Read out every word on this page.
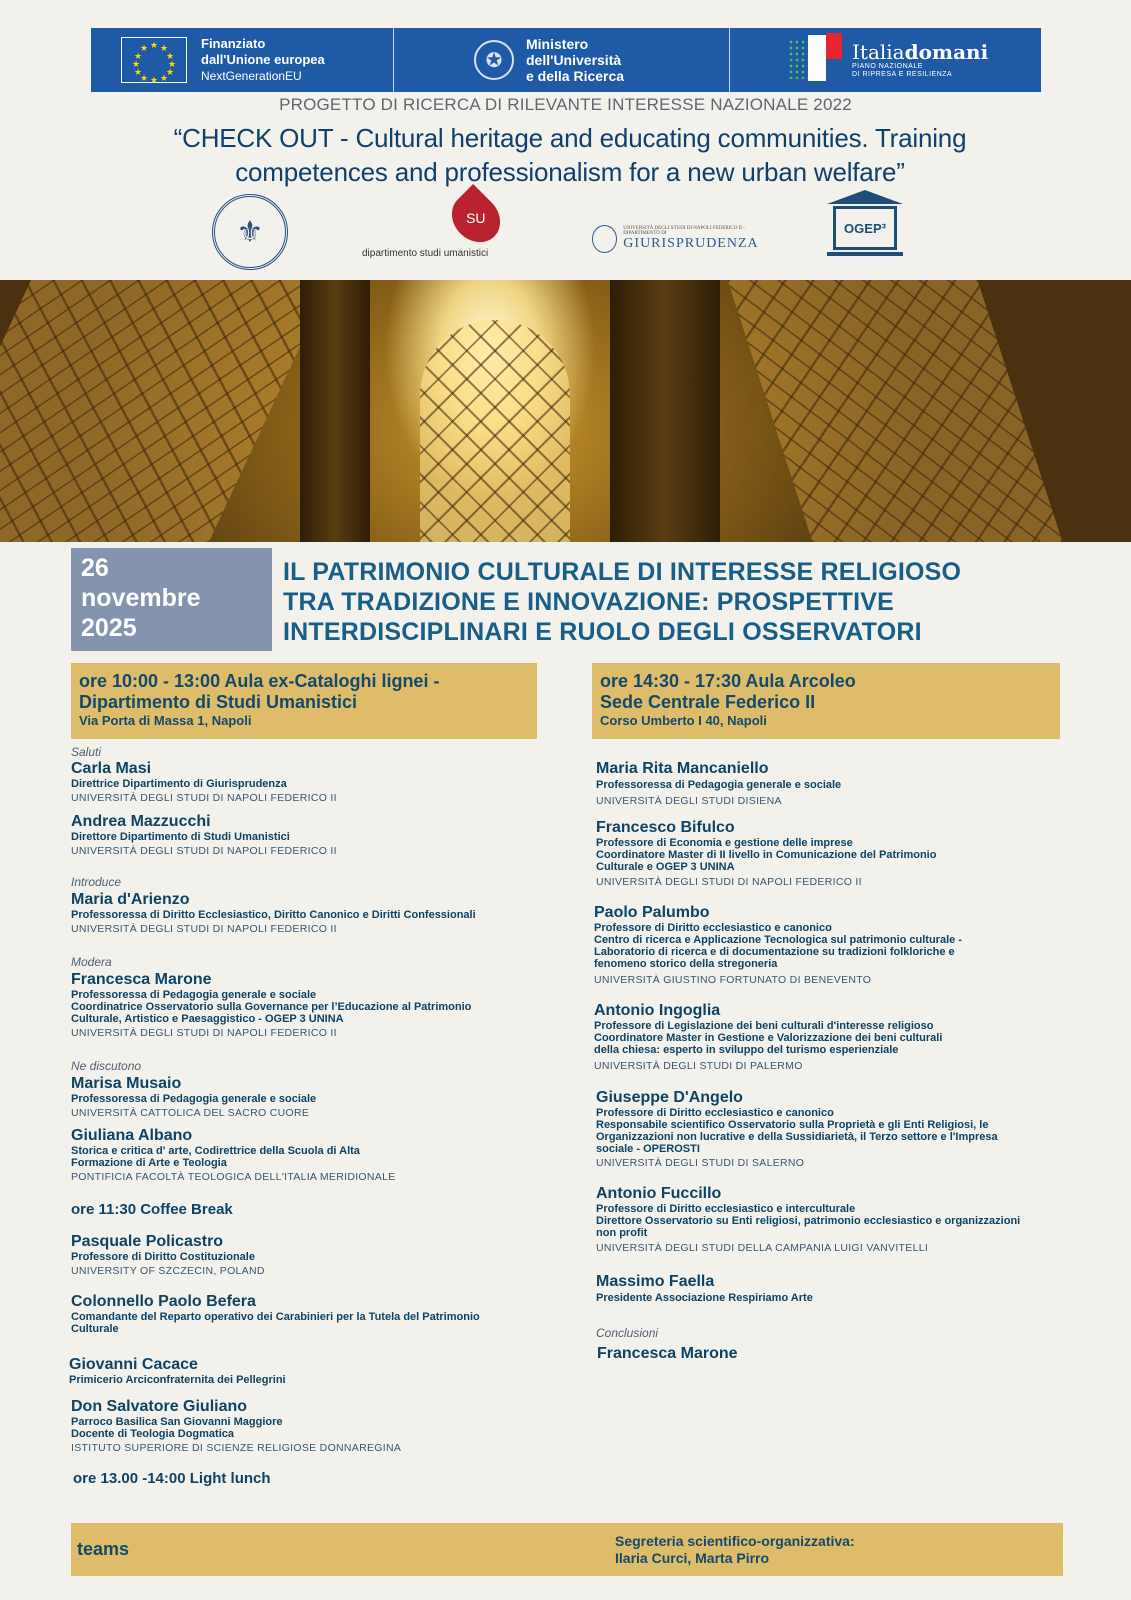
★ ★
★
★
★
★
★
★
★
★
★
★	Finanziato
dall'Unione europea
NextGenerationEU
✪
Ministero
dell'Università
e della Ricerca
Italiadomani
PIANO NAZIONALE
DI RIPRESA E RESILIENZA
PROGETTO DI RICERCA DI RILEVANTE INTERESSE NAZIONALE 2022
“CHECK OUT - Cultural heritage and educating communities. Training
competences and professionalism for a new urban welfare”
⚜	SU
dipartimento studi umanistici
UNIVERSITÀ DEGLI STUDI DI NAPOLI FEDERICO II - DIPARTIMENTO DI
GIURISPRUDENZA
OGEP³
26
novembre
2025
IL PATRIMONIO CULTURALE DI INTERESSE RELIGIOSO
TRA TRADIZIONE E INNOVAZIONE: PROSPETTIVE
INTERDISCIPLINARI E RUOLO DEGLI OSSERVATORI
ore 10:00 - 13:00 Aula ex-Cataloghi lignei -
Dipartimento di Studi Umanistici
Via Porta di Massa 1, Napoli
ore 14:30 - 17:30 Aula Arcoleo
Sede Centrale Federico II
Corso Umberto I 40, Napoli
Saluti
Carla Masi
Direttrice Dipartimento di Giurisprudenza
UNIVERSITÀ DEGLI STUDI DI NAPOLI FEDERICO II
Andrea Mazzucchi
Direttore Dipartimento di Studi Umanistici
UNIVERSITÀ DEGLI STUDI DI NAPOLI FEDERICO II
Introduce
Maria d'Arienzo
Professoressa di Diritto Ecclesiastico, Diritto Canonico e Diritti Confessionali
UNIVERSITÀ DEGLI STUDI DI NAPOLI FEDERICO II
Modera
Francesca Marone
Professoressa di Pedagogia generale e sociale
Coordinatrice Osservatorio sulla Governance per l’Educazione al Patrimonio
Culturale, Artistico e Paesaggistico - OGEP 3 UNINA
UNIVERSITÀ DEGLI STUDI DI NAPOLI FEDERICO II
Ne discutono
Marisa Musaio
Professoressa di Pedagogia generale e sociale
UNIVERSITÀ CATTOLICA DEL SACRO CUORE
Giuliana Albano
Storica e critica d' arte, Codirettrice della Scuola di Alta
Formazione di Arte e Teologia
PONTIFICIA FACOLTÀ TEOLOGICA DELL'ITALIA MERIDIONALE
ore 11:30 Coffee Break
Pasquale Policastro
Professore di Diritto Costituzionale
UNIVERSITY OF SZCZECIN, POLAND
Colonnello Paolo Befera
Comandante del Reparto operativo dei Carabinieri per la Tutela del Patrimonio
Culturale
Giovanni Cacace
Primicerio Arciconfraternita dei Pellegrini
Don Salvatore Giuliano
Parroco Basilica San Giovanni Maggiore
Docente di Teologia Dogmatica
ISTITUTO SUPERIORE DI SCIENZE RELIGIOSE DONNAREGINA
ore 13.00 -14:00 Light lunch
Maria Rita Mancaniello
Professoressa di Pedagogia generale e sociale
UNIVERSITÀ DEGLI STUDI DISIENA
Francesco Bifulco
Professore di Economia e gestione delle imprese
Coordinatore Master di II livello in Comunicazione del Patrimonio
Culturale e OGEP 3 UNINA
UNIVERSITÀ DEGLI STUDI DI NAPOLI FEDERICO II
Paolo Palumbo
Professore di Diritto ecclesiastico e canonico
Centro di ricerca e Applicazione Tecnologica sul patrimonio culturale -
Laboratorio di ricerca e di documentazione su tradizioni folkloriche e
fenomeno storico della stregoneria
UNIVERSITÀ GIUSTINO FORTUNATO DI BENEVENTO
Antonio Ingoglia
Professore di Legislazione dei beni culturali d'interesse religioso
Coordinatore Master in Gestione e Valorizzazione dei beni culturali
della chiesa: esperto in sviluppo del turismo esperienziale
UNIVERSITÀ DEGLI STUDI DI PALERMO
Giuseppe D'Angelo
Professore di Diritto ecclesiastico e canonico
Responsabile scientifico Osservatorio sulla Proprietà e gli Enti Religiosi, le
Organizzazioni non lucrative e della Sussidiarietà, il Terzo settore e l'Impresa
sociale - OPEROSTI
UNIVERSITÀ DEGLI STUDI DI SALERNO
Antonio Fuccillo
Professore di Diritto ecclesiastico e interculturale
Direttore Osservatorio su Enti religiosi, patrimonio ecclesiastico e organizzazioni
non profit
UNIVERSITÀ DEGLI STUDI DELLA CAMPANIA LUIGI VANVITELLI
Massimo Faella
Presidente Associazione Respiriamo Arte
Conclusioni
Francesca Marone
teams	Segreteria scientifico-organizzativa:
Ilaria Curci, Marta Pirro
